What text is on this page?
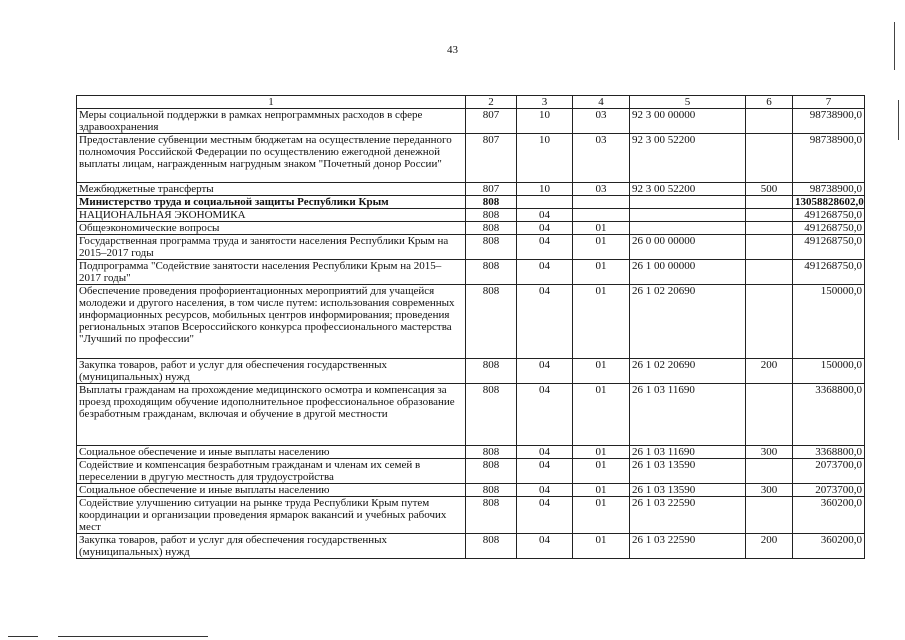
43
1	2	3	4	5	6	7
Меры социальной поддержки в рамках непрограммных расходов в сфере здравоохранения	807	10	03	92 3 00 00000		98738900,0
Предоставление субвенции местным бюджетам на осуществление переданного полномочия Российской Федерации по осуществлению ежегодной денежной выплаты лицам, награжденным нагрудным знаком "Почетный донор России"	807	10	03	92 3 00 52200		98738900,0
Межбюджетные трансферты	807	10	03	92 3 00 52200	500	98738900,0
Министерство труда и социальной защиты Республики Крым	808					13058828602,0
НАЦИОНАЛЬНАЯ ЭКОНОМИКА	808	04				491268750,0
Общеэкономические вопросы	808	04	01			491268750,0
Государственная программа труда и занятости населения Республики Крым на 2015–2017 годы	808	04	01	26 0 00 00000		491268750,0
Подпрограмма "Содействие занятости населения Республики Крым на 2015–2017 годы"	808	04	01	26 1 00 00000		491268750,0
Обеспечение проведения профориентационных мероприятий для учащейся молодежи и другого населения, в том числе путем: использования современных информационных ресурсов, мобильных центров информирования; проведения региональных этапов Всероссийского конкурса профессионального мастерства "Лучший по профессии"	808	04	01	26 1 02 20690		150000,0
Закупка товаров, работ и услуг для обеспечения государственных (муниципальных) нужд	808	04	01	26 1 02 20690	200	150000,0
Выплаты гражданам на прохождение медицинского осмотра и компенсация за проезд проходящим обучение идополнительное профессиональное образование безработным гражданам, включая и обучение в другой местности	808	04	01	26 1 03 11690		3368800,0
Социальное обеспечение и иные выплаты населению	808	04	01	26 1 03 11690	300	3368800,0
Содействие и компенсация безработным гражданам и членам их семей в переселении в другую местность для трудоустройства	808	04	01	26 1 03 13590		2073700,0
Социальное обеспечение и иные выплаты населению	808	04	01	26 1 03 13590	300	2073700,0
Содействие улучшению ситуации на рынке труда Республики Крым путем координации и организации проведения ярмарок вакансий и учебных рабочих мест	808	04	01	26 1 03 22590		360200,0
Закупка товаров, работ и услуг для обеспечения государственных (муниципальных) нужд	808	04	01	26 1 03 22590	200	360200,0
